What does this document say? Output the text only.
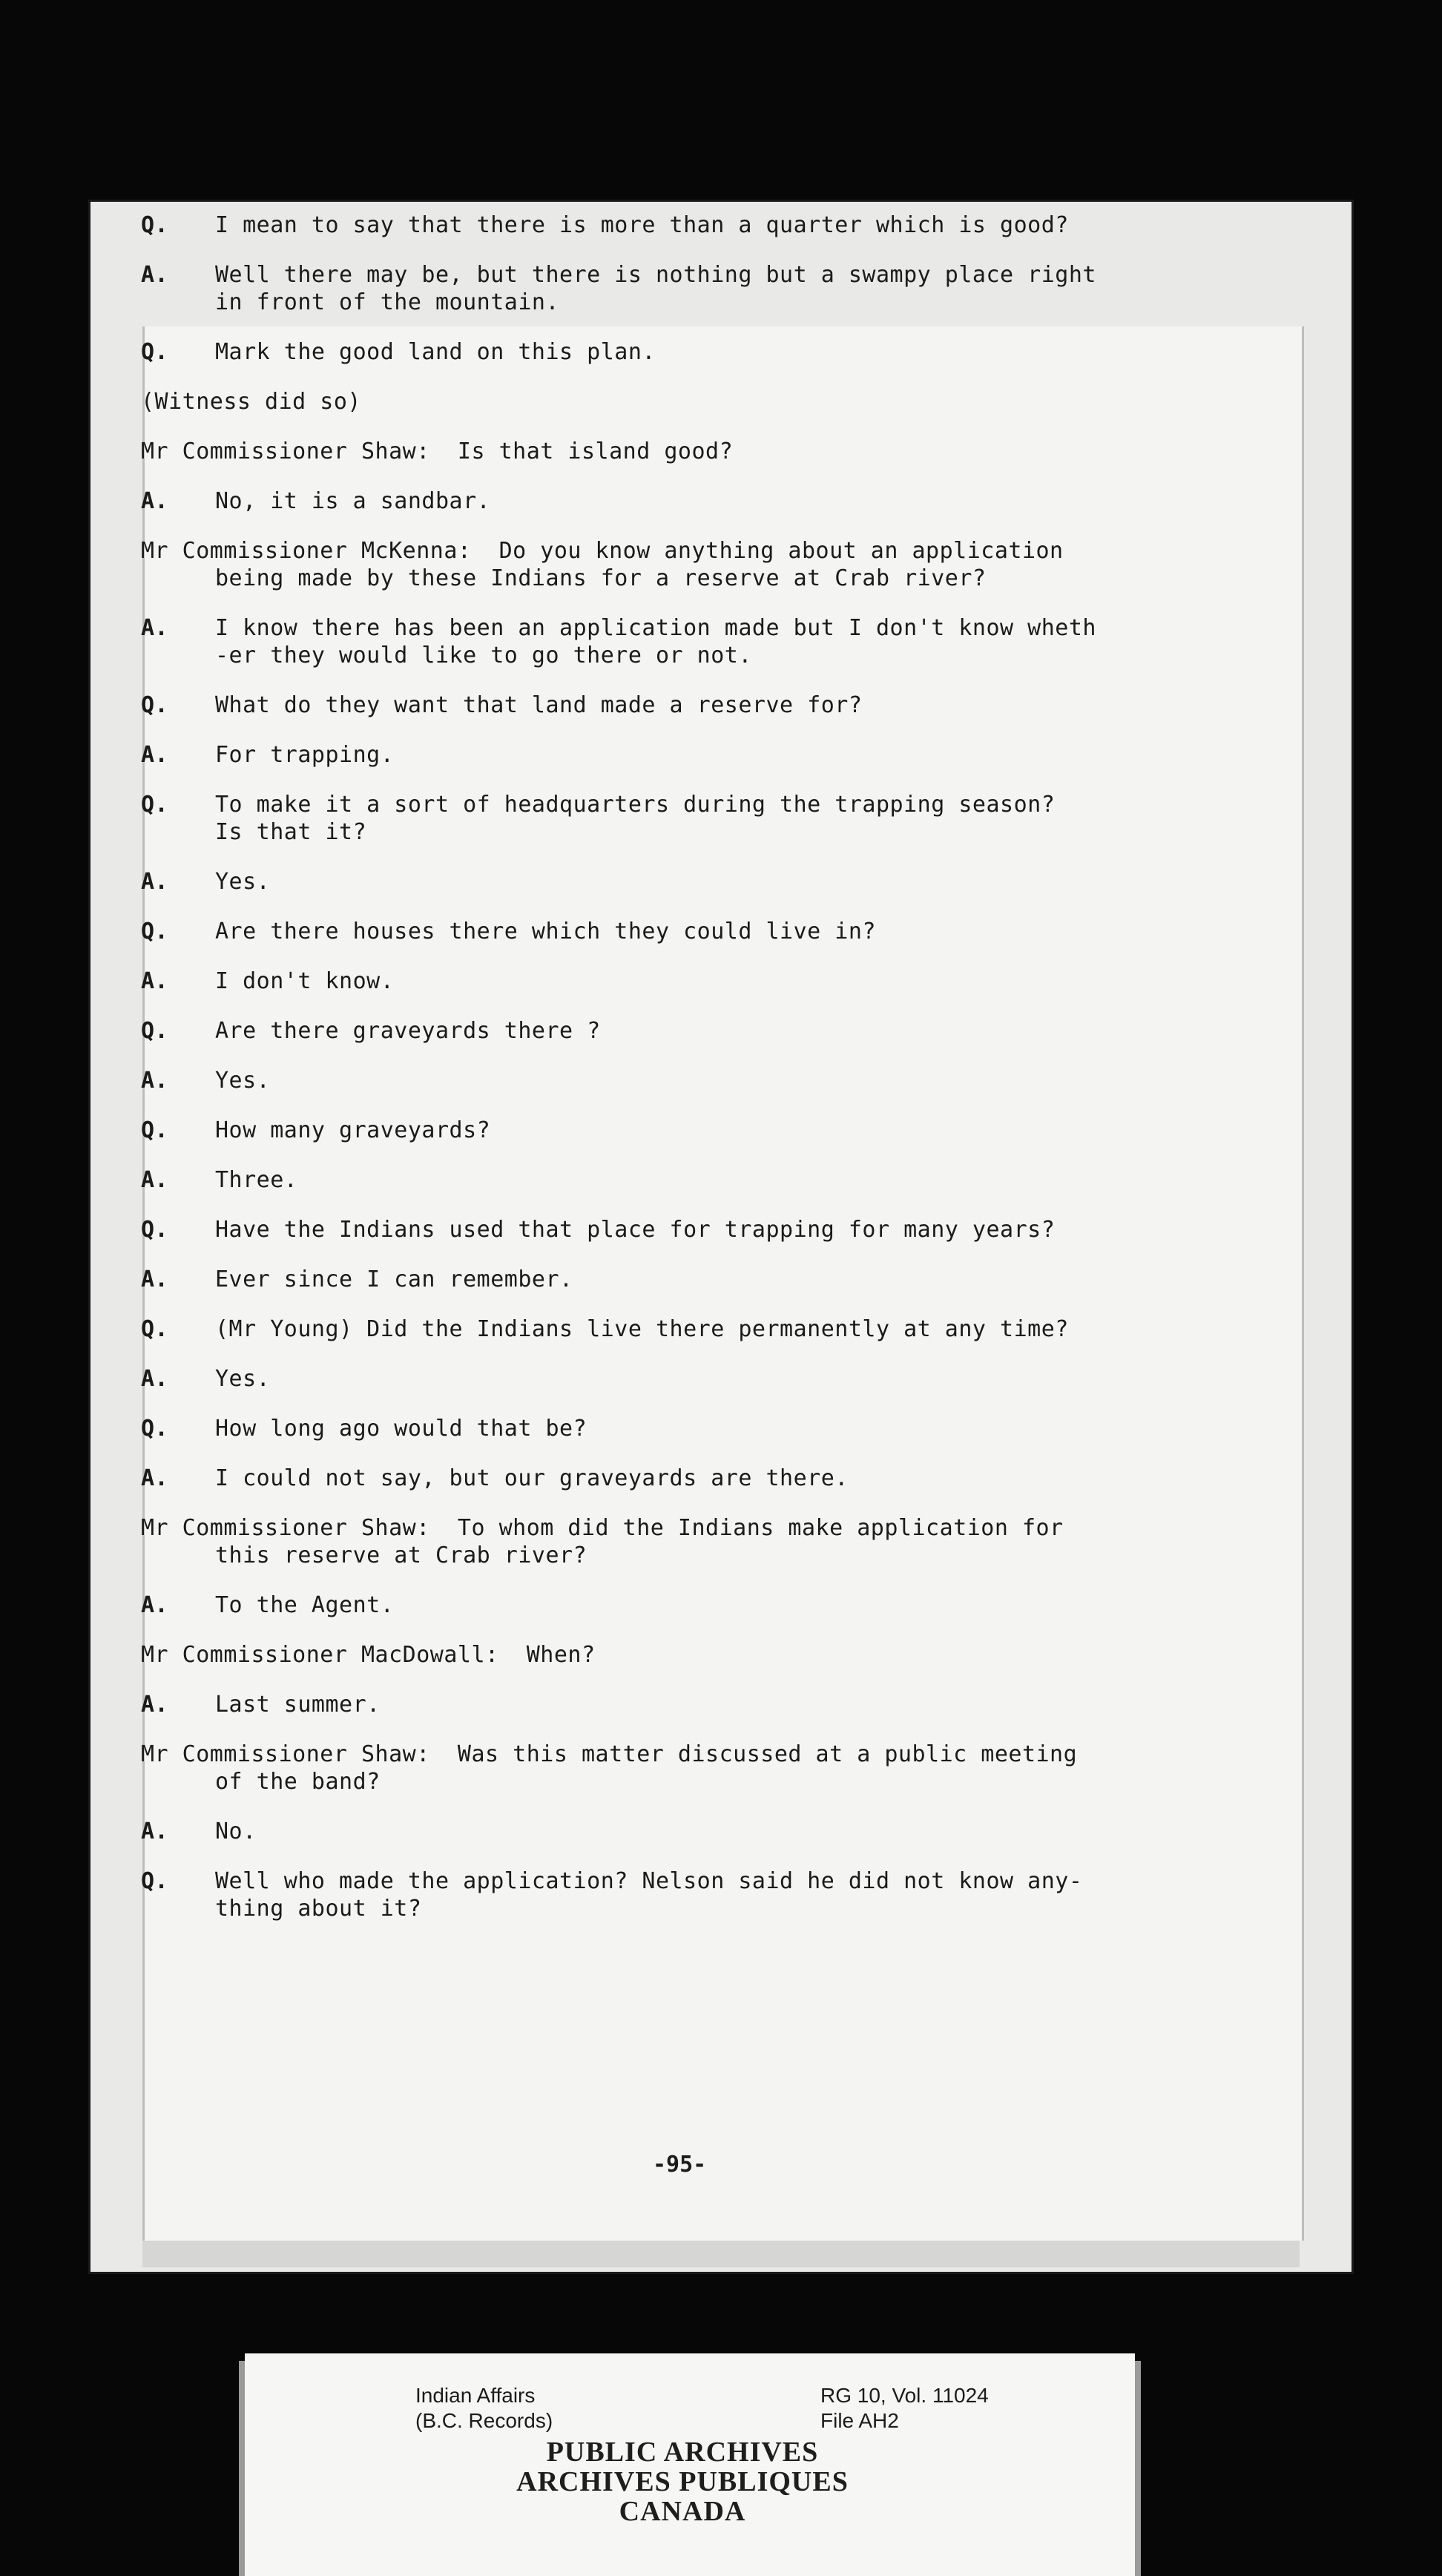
Q.	I mean to say that there is more than a quarter which is good?
A.	Well there may be, but there is nothing but a swampy place right
in front of the mountain.
Q.	Mark the good land on this plan.
(Witness did so)
Mr Commissioner Shaw:  Is that island good?
A.	No, it is a sandbar.
Mr Commissioner McKenna:  Do you know anything about an application
being made by these Indians for a reserve at Crab river?
A.	I know there has been an application made but I don't know wheth
-er they would like to go there or not.
Q.	What do they want that land made a reserve for?
A.	For trapping.
Q.	To make it a sort of headquarters during the trapping season?
Is that it?
A.	Yes.
Q.	Are there houses there which they could live in?
A.	I don't know.
Q.	Are there graveyards there ?
A.	Yes.
Q.	How many graveyards?
A.	Three.
Q.	Have the Indians used that place for trapping for many years?
A.	Ever since I can remember.
Q.	(Mr Young) Did the Indians live there permanently at any time?
A.	Yes.
Q.	How long ago would that be?
A.	I could not say, but our graveyards are there.
Mr Commissioner Shaw:  To whom did the Indians make application for
this reserve at Crab river?
A.	To the Agent.
Mr Commissioner MacDowall:  When?
A.	Last summer.
Mr Commissioner Shaw:  Was this matter discussed at a public meeting
of the band?
A.	No.
Q.	Well who made the application? Nelson said he did not know any-
thing about it?
-95-
Indian Affairs
(B.C. Records)
RG 10, Vol. 11024
File AH2
PUBLIC ARCHIVES
ARCHIVES PUBLIQUES
CANADA
